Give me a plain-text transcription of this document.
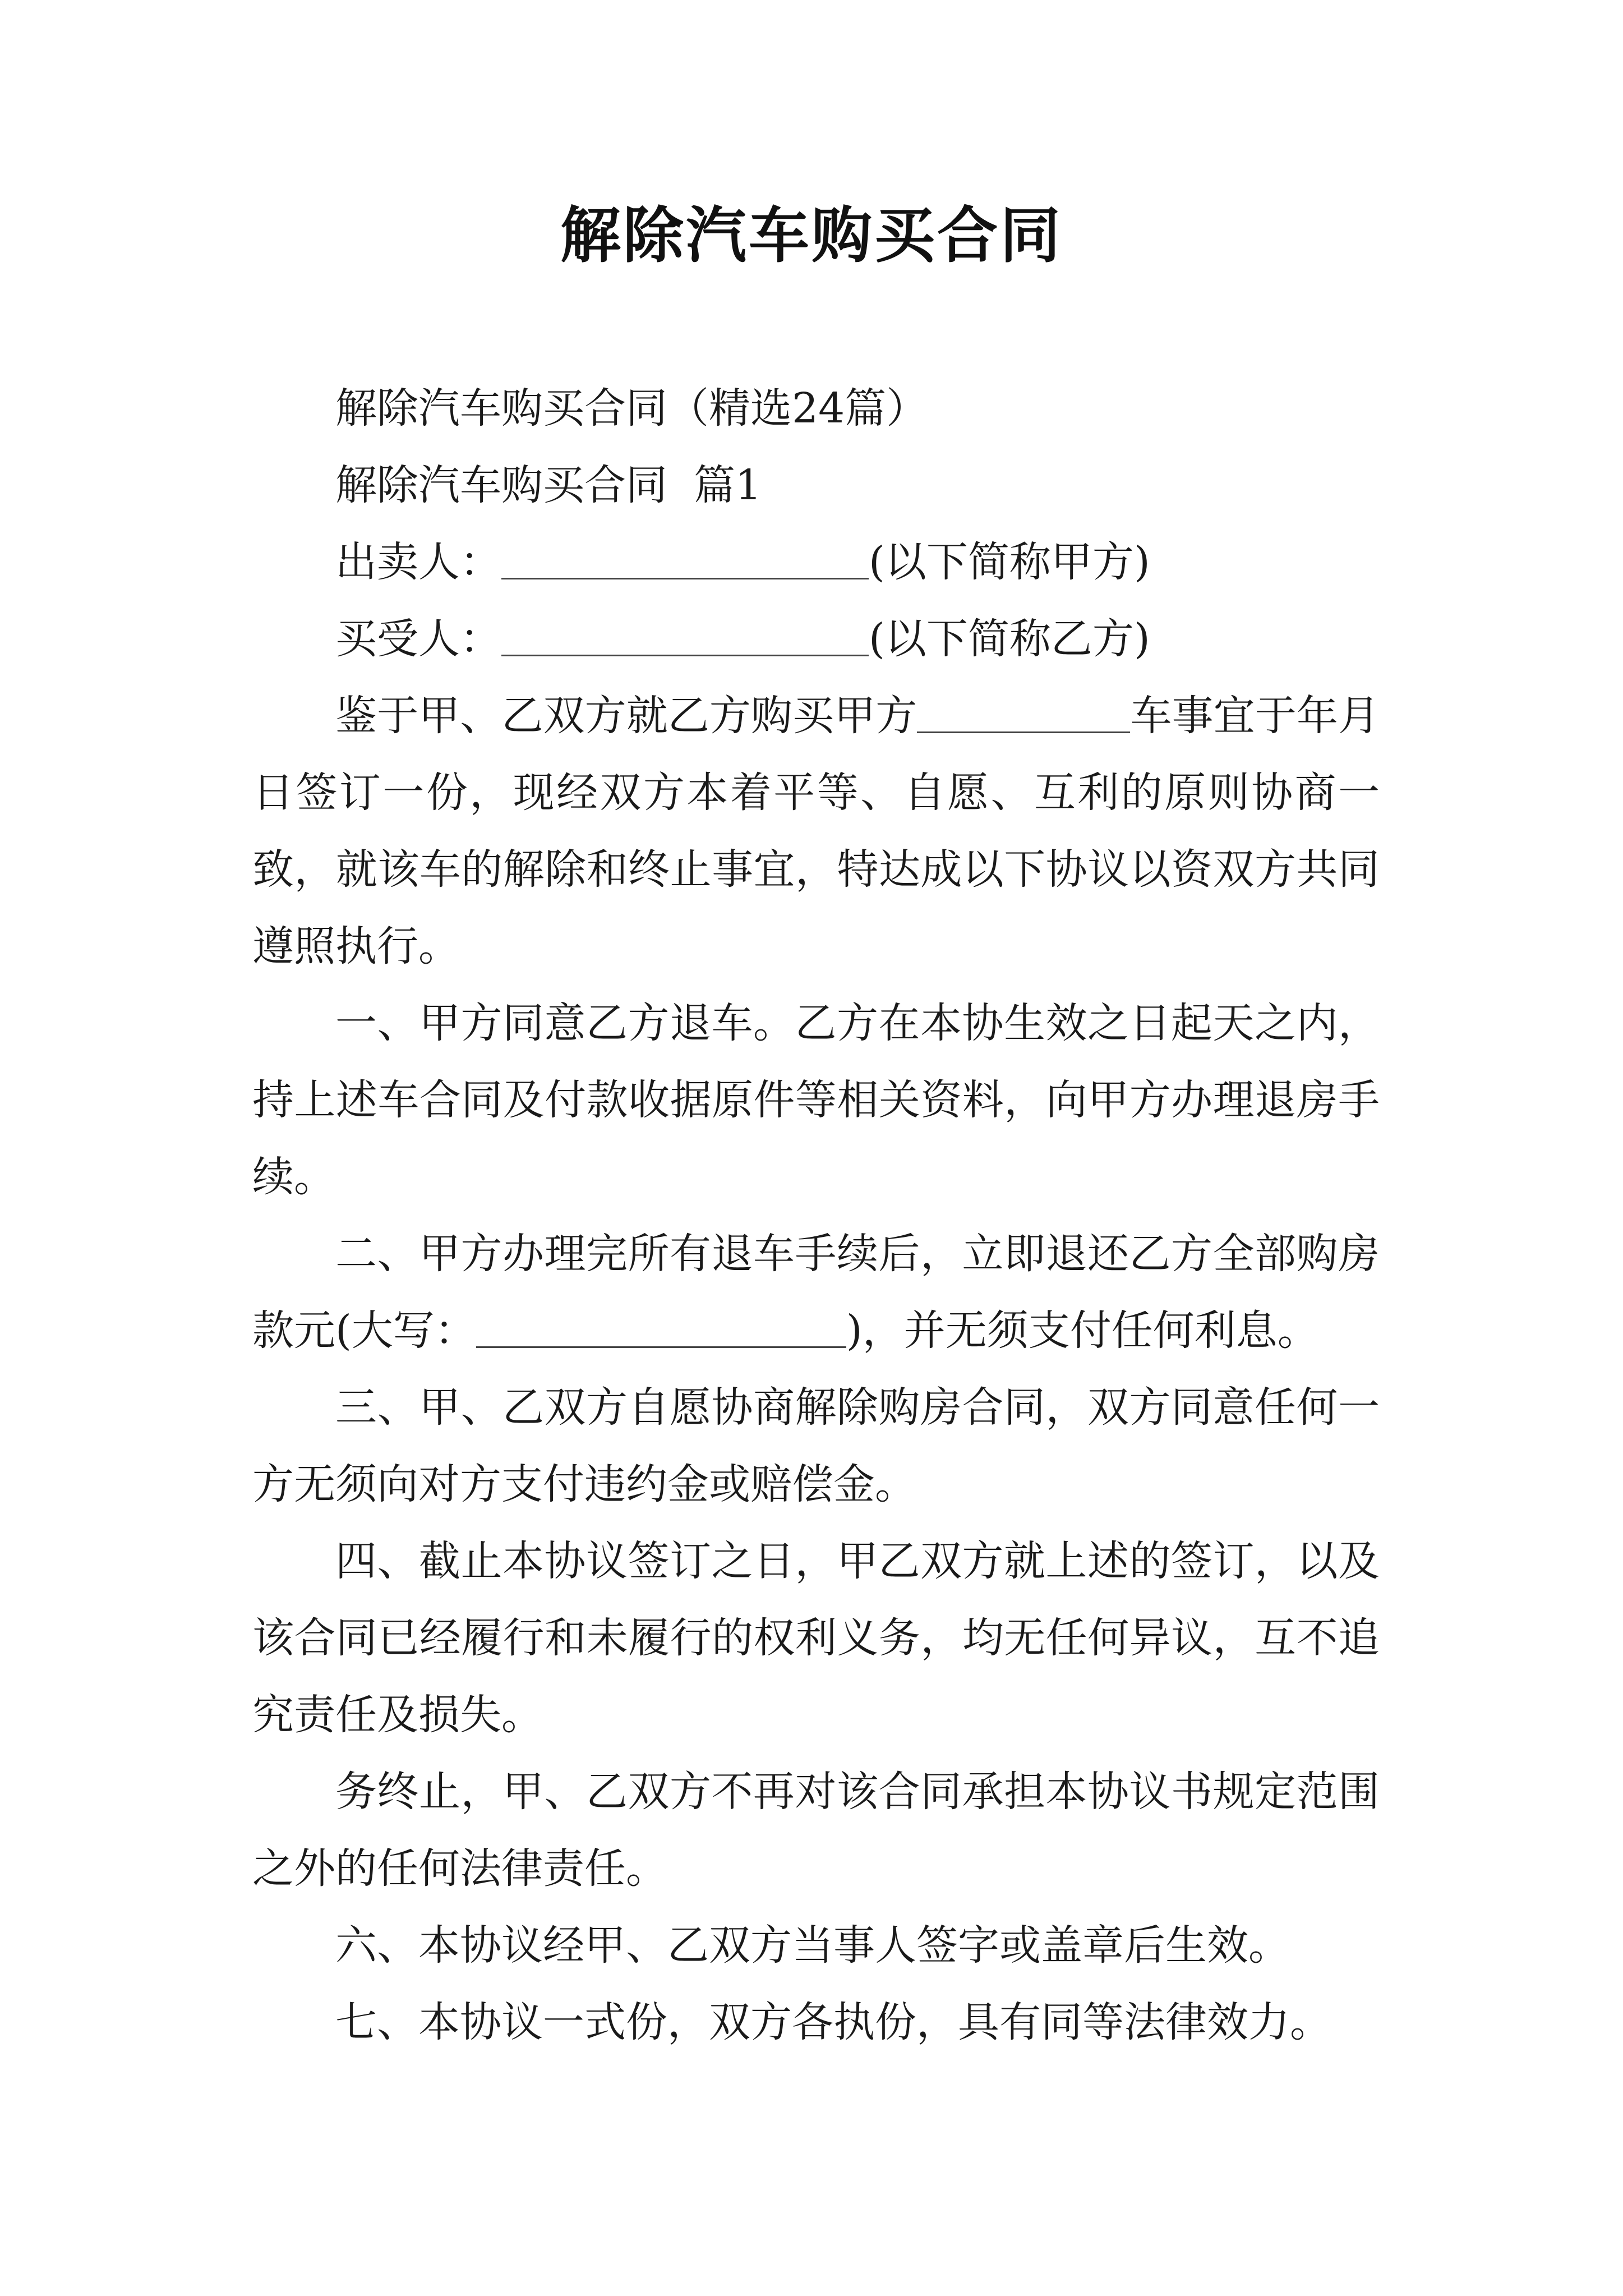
解除汽车购买合同

解除汽车购买合同（精选24篇）

解除汽车购买合同  篇1

出卖人：	(以下简称甲方)

买受人：	(以下简称乙方)

鉴于甲、乙双方就乙方购买甲方	车事宜于年月日签订一份，现经双方本着平等、自愿、互利的原则协商一致，就该车的解除和终止事宜，特达成以下协议以资双方共同遵照执行。

一、甲方同意乙方退车。乙方在本协生效之日起天之内，持上述车合同及付款收据原件等相关资料，向甲方办理退房手续。

二、甲方办理完所有退车手续后，立即退还乙方全部购房款元(大写：	)，并无须支付任何利息。

三、甲、乙双方自愿协商解除购房合同，双方同意任何一方无须向对方支付违约金或赔偿金。

四、截止本协议签订之日，甲乙双方就上述的签订，以及该合同已经履行和未履行的权利义务，均无任何异议，互不追究责任及损失。

务终止，甲、乙双方不再对该合同承担本协议书规定范围之外的任何法律责任。

六、本协议经甲、乙双方当事人签字或盖章后生效。

七、本协议一式份，双方各执份，具有同等法律效力。
